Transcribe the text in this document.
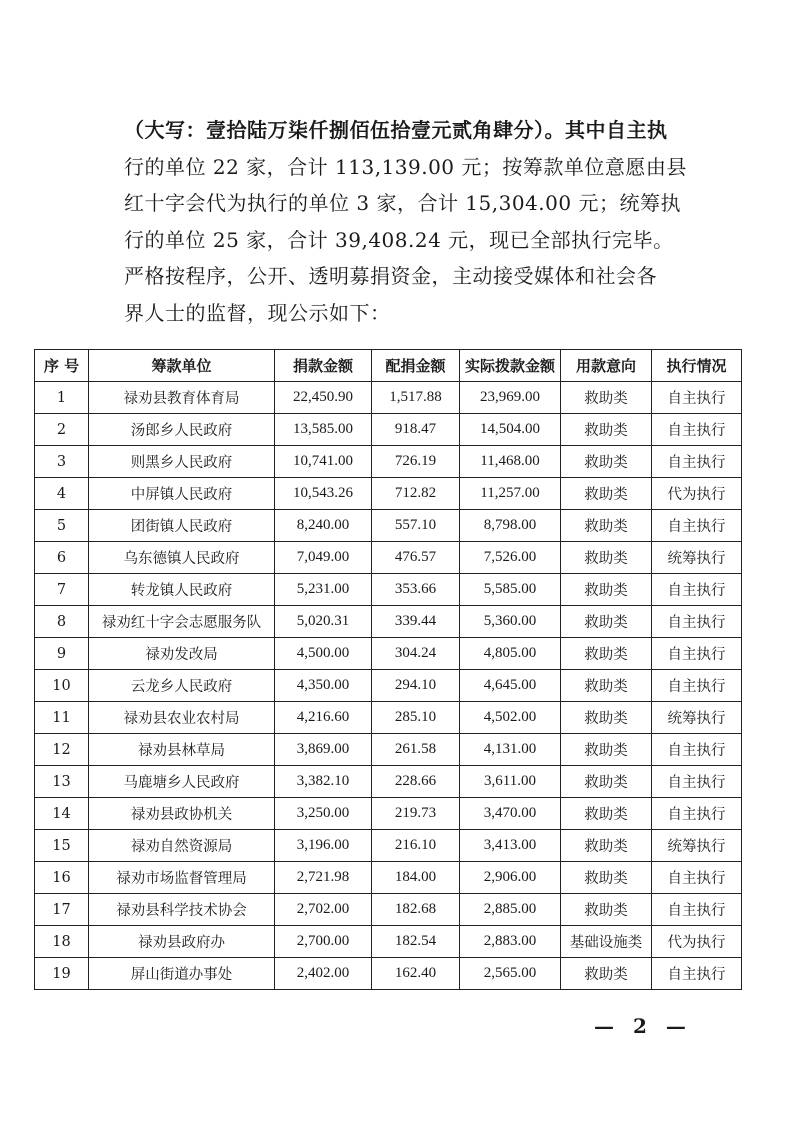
（大写：壹拾陆万柒仟捌佰伍拾壹元贰角肆分）。其中自主执
行的单位 22 家，合计 113,139.00 元；按筹款单位意愿由县
红十字会代为执行的单位 3 家，合计 15,304.00 元；统筹执
行的单位 25 家，合计 39,408.24 元，现已全部执行完毕。
严格按程序，公开、透明募捐资金，主动接受媒体和社会各
界人士的监督，现公示如下：
序 号	筹款单位	捐款金额	配捐金额	实际拨款金额	用款意向	执行情况
1	禄劝县教育体育局	22,450.90	1,517.88	23,969.00	救助类	自主执行
2	汤郎乡人民政府	13,585.00	918.47	14,504.00	救助类	自主执行
3	则黑乡人民政府	10,741.00	726.19	11,468.00	救助类	自主执行
4	中屏镇人民政府	10,543.26	712.82	11,257.00	救助类	代为执行
5	团街镇人民政府	8,240.00	557.10	8,798.00	救助类	自主执行
6	乌东德镇人民政府	7,049.00	476.57	7,526.00	救助类	统筹执行
7	转龙镇人民政府	5,231.00	353.66	5,585.00	救助类	自主执行
8	禄劝红十字会志愿服务队	5,020.31	339.44	5,360.00	救助类	自主执行
9	禄劝发改局	4,500.00	304.24	4,805.00	救助类	自主执行
10	云龙乡人民政府	4,350.00	294.10	4,645.00	救助类	自主执行
11	禄劝县农业农村局	4,216.60	285.10	4,502.00	救助类	统筹执行
12	禄劝县林草局	3,869.00	261.58	4,131.00	救助类	自主执行
13	马鹿塘乡人民政府	3,382.10	228.66	3,611.00	救助类	自主执行
14	禄劝县政协机关	3,250.00	219.73	3,470.00	救助类	自主执行
15	禄劝自然资源局	3,196.00	216.10	3,413.00	救助类	统筹执行
16	禄劝市场监督管理局	2,721.98	184.00	2,906.00	救助类	自主执行
17	禄劝县科学技术协会	2,702.00	182.68	2,885.00	救助类	自主执行
18	禄劝县政府办	2,700.00	182.54	2,883.00	基础设施类	代为执行
19	屏山街道办事处	2,402.00	162.40	2,565.00	救助类	自主执行
— 2 —
